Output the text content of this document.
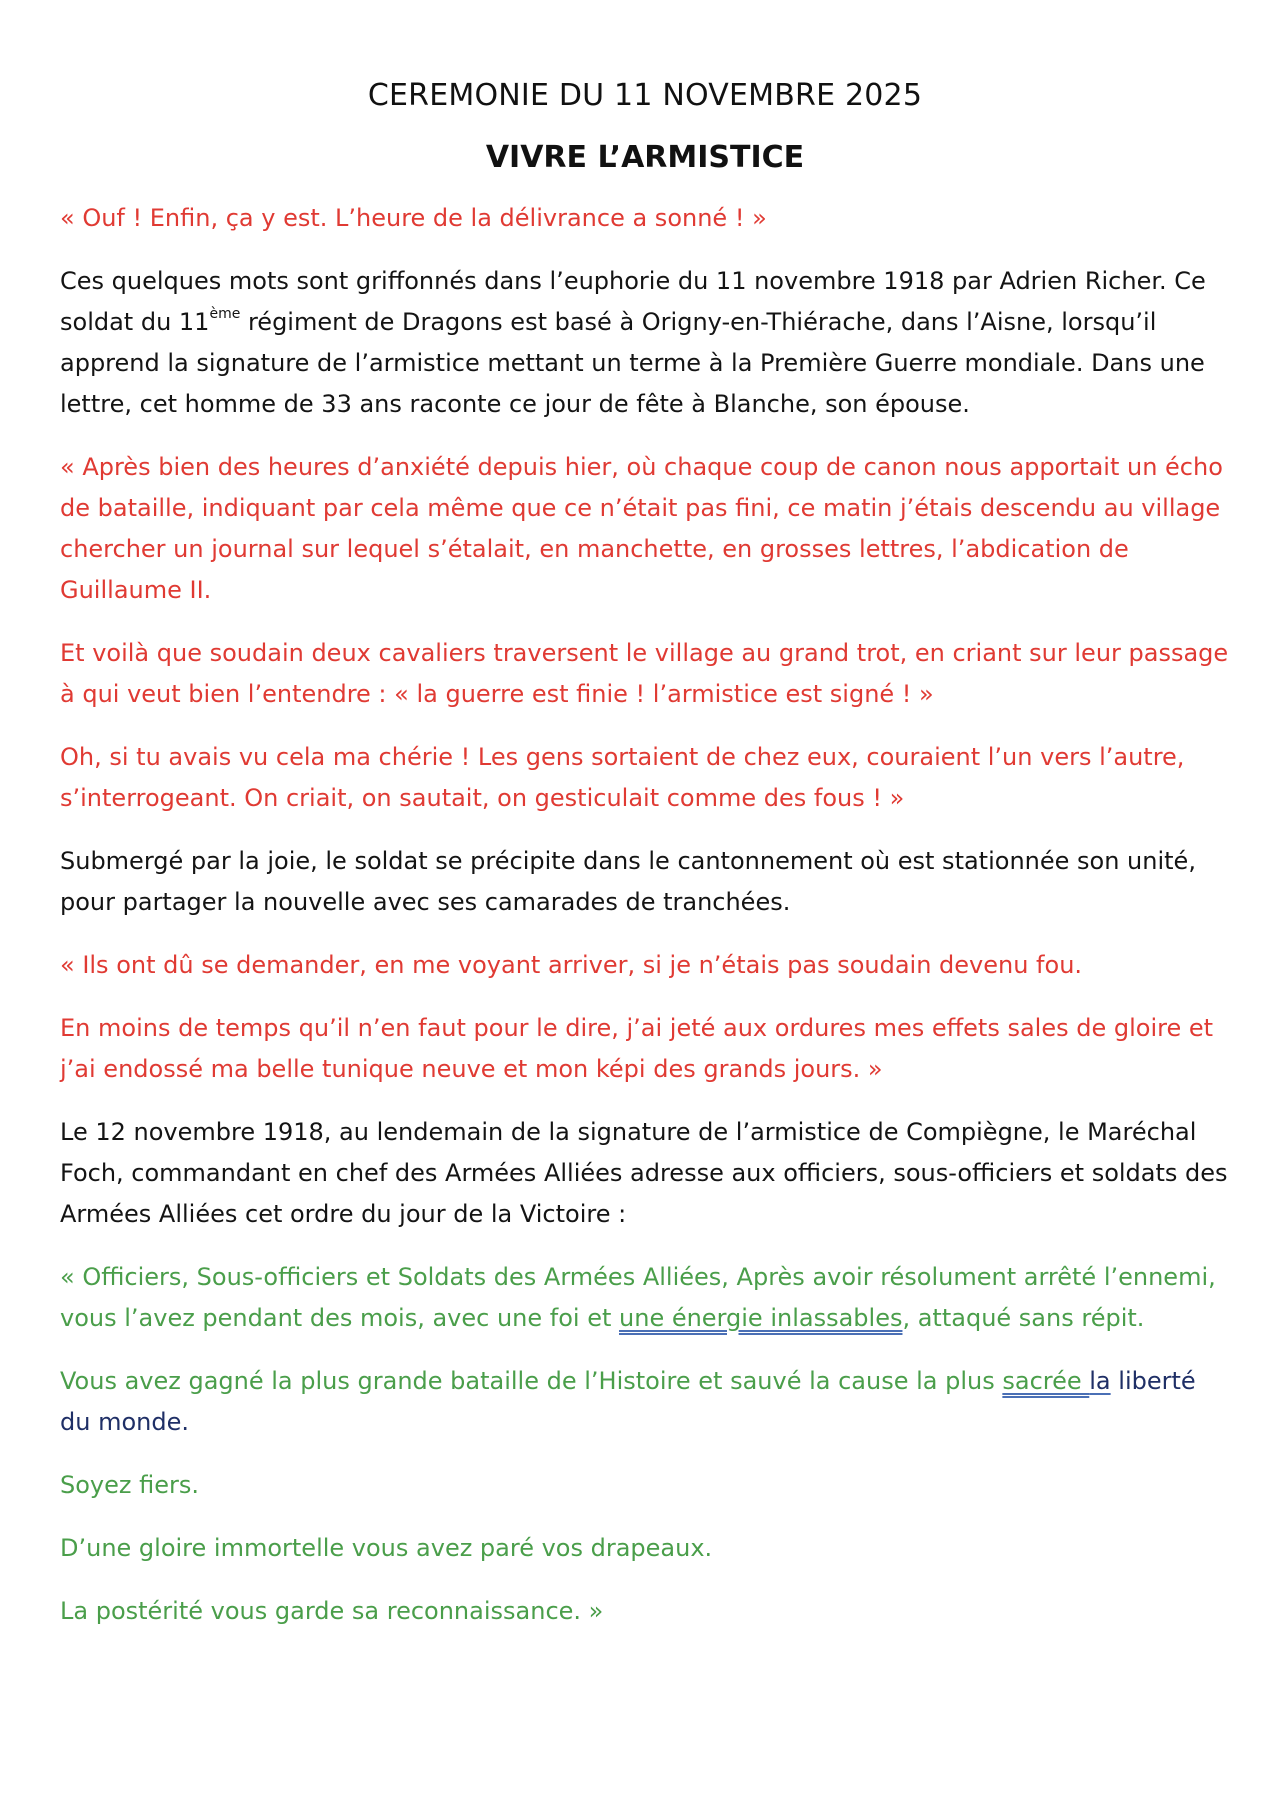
CEREMONIE DU 11 NOVEMBRE 2025
VIVRE L’ARMISTICE

« Ouf ! Enfin, ça y est. L’heure de la délivrance a sonné ! »

Ces quelques mots sont griffonnés dans l’euphorie du 11 novembre 1918 par Adrien Richer. Ce soldat du 11ème régiment de Dragons est basé à Origny-en-Thiérache, dans l’Aisne, lorsqu’il apprend la signature de l’armistice mettant un terme à la Première Guerre mondiale. Dans une lettre, cet homme de 33 ans raconte ce jour de fête à Blanche, son épouse.

« Après bien des heures d’anxiété depuis hier, où chaque coup de canon nous apportait un écho de bataille, indiquant par cela même que ce n’était pas fini, ce matin j’étais descendu au village chercher un journal sur lequel s’étalait, en manchette, en grosses lettres, l’abdication de Guillaume II.

Et voilà que soudain deux cavaliers traversent le village au grand trot, en criant sur leur passage à qui veut bien l’entendre : « la guerre est finie ! l’armistice est signé ! »

Oh, si tu avais vu cela ma chérie ! Les gens sortaient de chez eux, couraient l’un vers l’autre, s’interrogeant. On criait, on sautait, on gesticulait comme des fous ! »

Submergé par la joie, le soldat se précipite dans le cantonnement où est stationnée son unité, pour partager la nouvelle avec ses camarades de tranchées.

« Ils ont dû se demander, en me voyant arriver, si je n’étais pas soudain devenu fou.

En moins de temps qu’il n’en faut pour le dire, j’ai jeté aux ordures mes effets sales de gloire et j’ai endossé ma belle tunique neuve et mon képi des grands jours. »

Le 12 novembre 1918, au lendemain de la signature de l’armistice de Compiègne, le Maréchal Foch, commandant en chef des Armées Alliées adresse aux officiers, sous-officiers et soldats des Armées Alliées cet ordre du jour de la Victoire :

« Officiers, Sous-officiers et Soldats des Armées Alliées, Après avoir résolument arrêté l’ennemi, vous l’avez pendant des mois, avec une foi et une énergie inlassables, attaqué sans répit.

Vous avez gagné la plus grande bataille de l’Histoire et sauvé la cause la plus sacrée la liberté du monde.

Soyez fiers.

D’une gloire immortelle vous avez paré vos drapeaux.

La postérité vous garde sa reconnaissance. »
